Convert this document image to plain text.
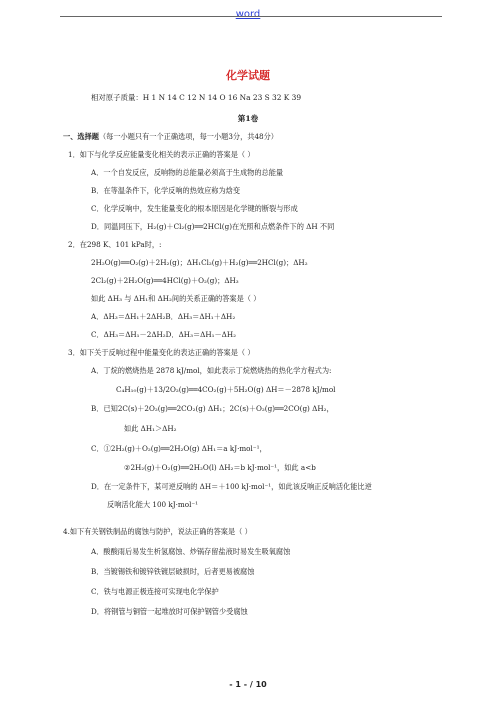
word
化学试题
相对原子质量：H 1 N 14 C 12 N 14 O 16 Na 23 S 32 K 39
第1卷
一、选择题（每一小题只有一个正确选项，每一小题3分，共48分）
1．如下与化学反应能量变化相关的表示正确的答案是（ ）
A．一个自发反应，反响物的总能量必须高于生成物的总能量
B．在等温条件下，化学反响的热效应称为焓变
C．化学反响中，发生能量变化的根本原因是化学键的断裂与形成
D．同温同压下，H₂(g)＋Cl₂(g)══2HCl(g)在光照和点燃条件下的 ΔH 不同
2．在298 K、101 kPa时，:
2H₂O(g)══O₂(g)＋2H₂(g)；ΔH₁Cl₂(g)＋H₂(g)══2HCl(g)；ΔH₂
2Cl₂(g)＋2H₂O(g)══4HCl(g)＋O₂(g)；ΔH₃
如此 ΔH₃ 与 ΔH₁和 ΔH₂间的关系正确的答案是（ ）
A．ΔH₃＝ΔH₁＋2ΔH₂B．ΔH₃＝ΔH₁＋ΔH₂
C．ΔH₃＝ΔH₁－2ΔH₂D．ΔH₃＝ΔH₁－ΔH₂
3．如下关于反响过程中能量变化的表达正确的答案是（ ）
A．丁烷的燃烧热是 2878 kJ/mol，如此表示丁烷燃烧热的热化学方程式为:
C₄H₁₀(g)＋13/2O₂(g)══4CO₂(g)＋5H₂O(g) ΔH＝－2878 kJ/mol
B．已知2C(s)＋2O₂(g)══2CO₂(g) ΔH₁；2C(s)＋O₂(g)══2CO(g) ΔH₂，
如此 ΔH₁＞ΔH₂
C．①2H₂(g)＋O₂(g)══2H₂O(g) ΔH₁＝a kJ·mol⁻¹，
②2H₂(g)＋O₂(g)══2H₂O(l) ΔH₂＝b kJ·mol⁻¹，如此 a<b
D．在一定条件下，某可逆反响的 ΔH＝＋100 kJ·mol⁻¹，如此该反响正反响活化能比逆
反响活化能大 100 kJ·mol⁻¹
4.如下有关钢铁制品的腐蚀与防护，说法正确的答案是（ ）
A．酸酸雨后易发生析氢腐蚀、炒锅存留盐液时易发生吸氧腐蚀
B．当镀锡铁和镀锌铁镀层破损时，后者更易被腐蚀
C．铁与电源正极连接可实现电化学保护
D．将钢管与铜管一起堆放时可保护钢管少受腐蚀
- 1 - / 10
